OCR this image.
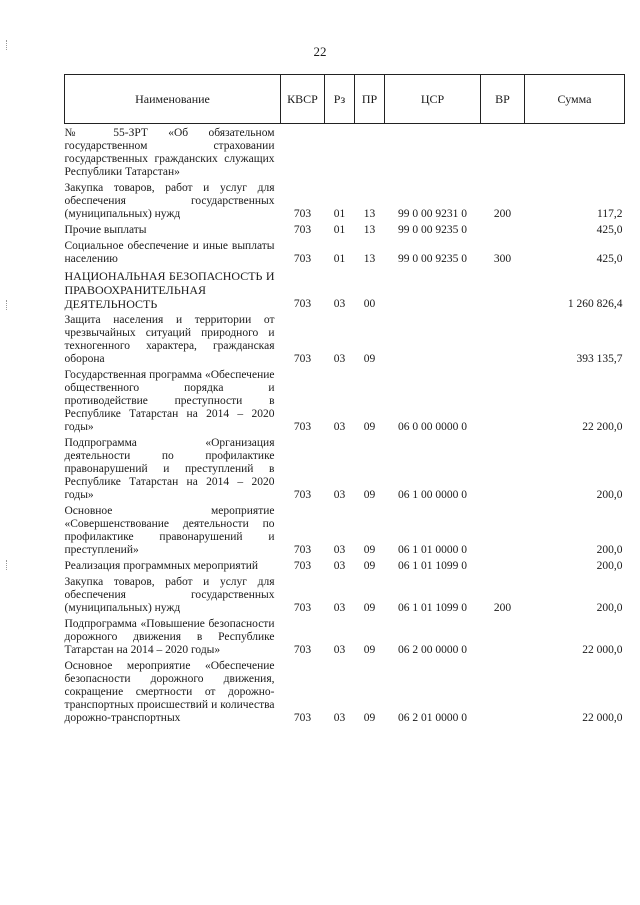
22
Наименование	КВСР	Рз	ПР	ЦСР	ВР	Сумма
№ 55-ЗРТ «Об обязательном государственном страховании государственных гражданских служащих Республики Татарстан»						
Закупка товаров, работ и услуг для обеспечения государственных (муниципальных) нужд	703	01	13	99 0 00 9231 0	200	117,2
Прочие выплаты	703	01	13	99 0 00 9235 0		425,0
Социальное обеспечение и иные выплаты населению	703	01	13	99 0 00 9235 0	300	425,0
НАЦИОНАЛЬНАЯ БЕЗОПАСНОСТЬ И ПРАВООХРАНИТЕЛЬНАЯ ДЕЯТЕЛЬНОСТЬ	703	03	00			1 260 826,4
Защита населения и территории от чрезвычайных ситуаций природного и техногенного характера, гражданская оборона	703	03	09			393 135,7
Государственная программа «Обеспечение общественного порядка и противодействие преступности в Республике Татарстан на 2014 – 2020 годы»	703	03	09	06 0 00 0000 0		22 200,0
Подпрограмма «Организация деятельности по профилактике правонарушений и преступлений в Республике Татарстан на 2014 – 2020 годы»	703	03	09	06 1 00 0000 0		200,0
Основное мероприятие «Совершенствование деятельности по профилактике правонарушений и преступлений»	703	03	09	06 1 01 0000 0		200,0
Реализация программных мероприятий	703	03	09	06 1 01 1099 0		200,0
Закупка товаров, работ и услуг для обеспечения государственных (муниципальных) нужд	703	03	09	06 1 01 1099 0	200	200,0
Подпрограмма «Повышение безопасности дорожного движения в Республике Татарстан на 2014 – 2020 годы»	703	03	09	06 2 00 0000 0		22 000,0
Основное мероприятие «Обеспечение безопасности дорожного движения, сокращение смертности от дорожно-транспортных происшествий и количества дорожно-транспортных	703	03	09	06 2 01 0000 0		22 000,0
